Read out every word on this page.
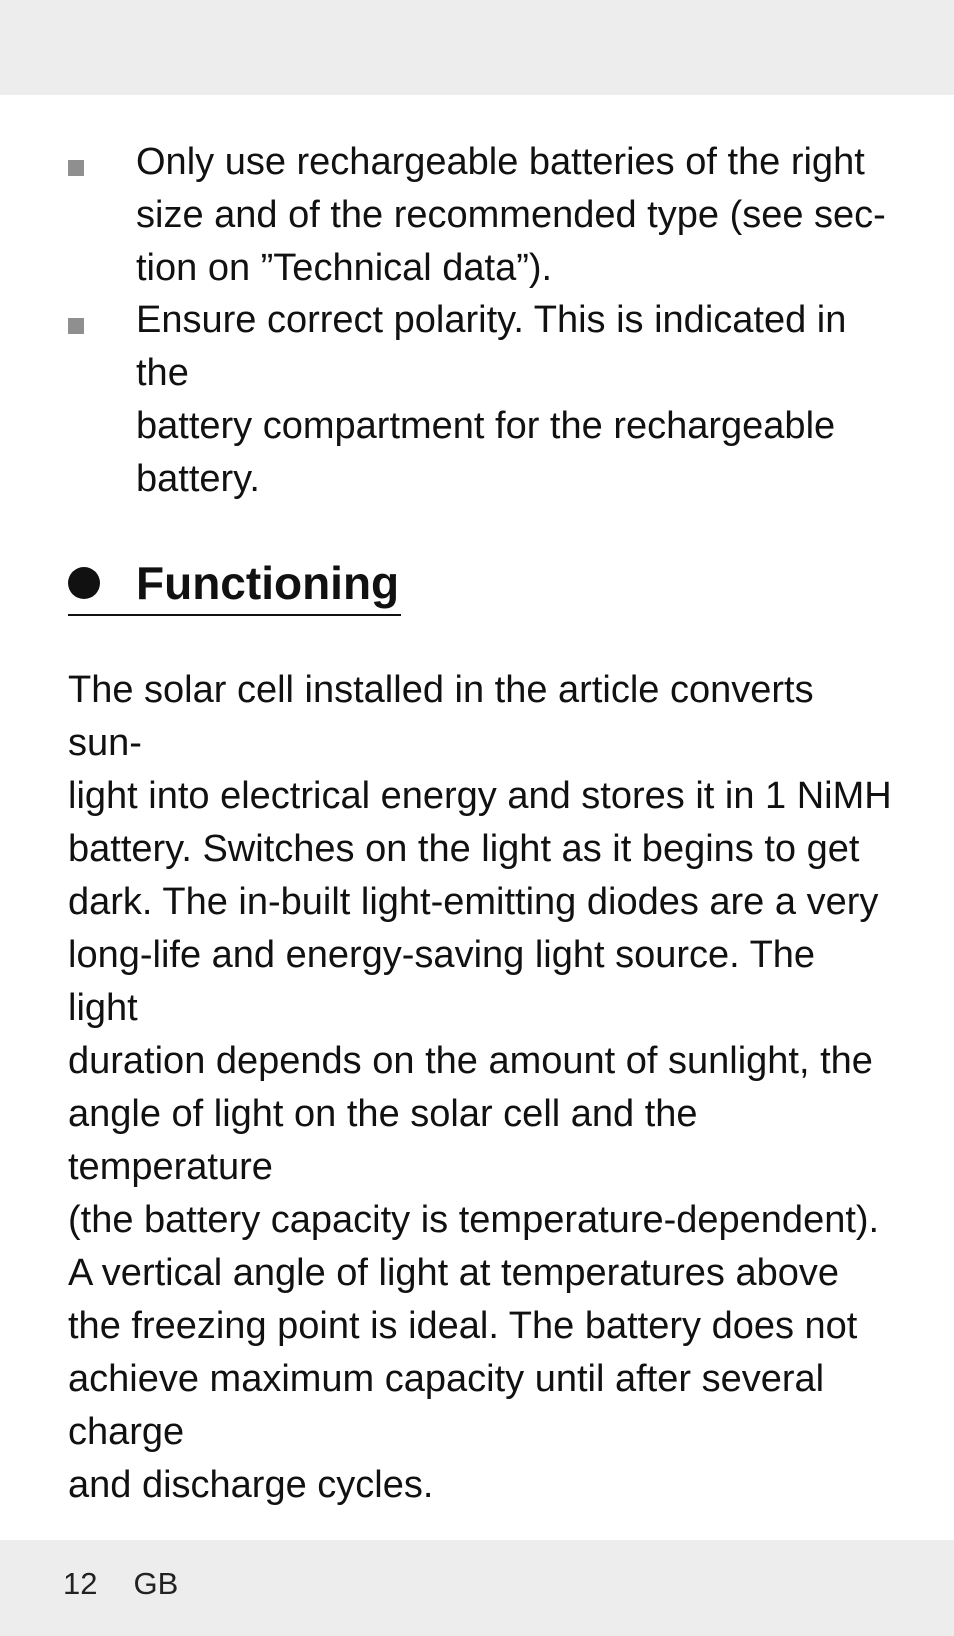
Only use rechargeable batteries of the right
size and of the recommended type (see sec-
tion on ”Technical data”).
Ensure correct polarity. This is indicated in the
battery compartment for the rechargeable
battery.
Functioning

The solar cell installed in the article converts sun-
light into electrical energy and stores it in 1 NiMH
battery. Switches on the light as it begins to get
dark. The in-built light-emitting diodes are a very
long-life and energy-saving light source. The light
duration depends on the amount of sunlight, the
angle of light on the solar cell and the temperature
(the battery capacity is temperature-dependent).
A vertical angle of light at temperatures above
the freezing point is ideal. The battery does not
achieve maximum capacity until after several charge
and discharge cycles.

12 GB
